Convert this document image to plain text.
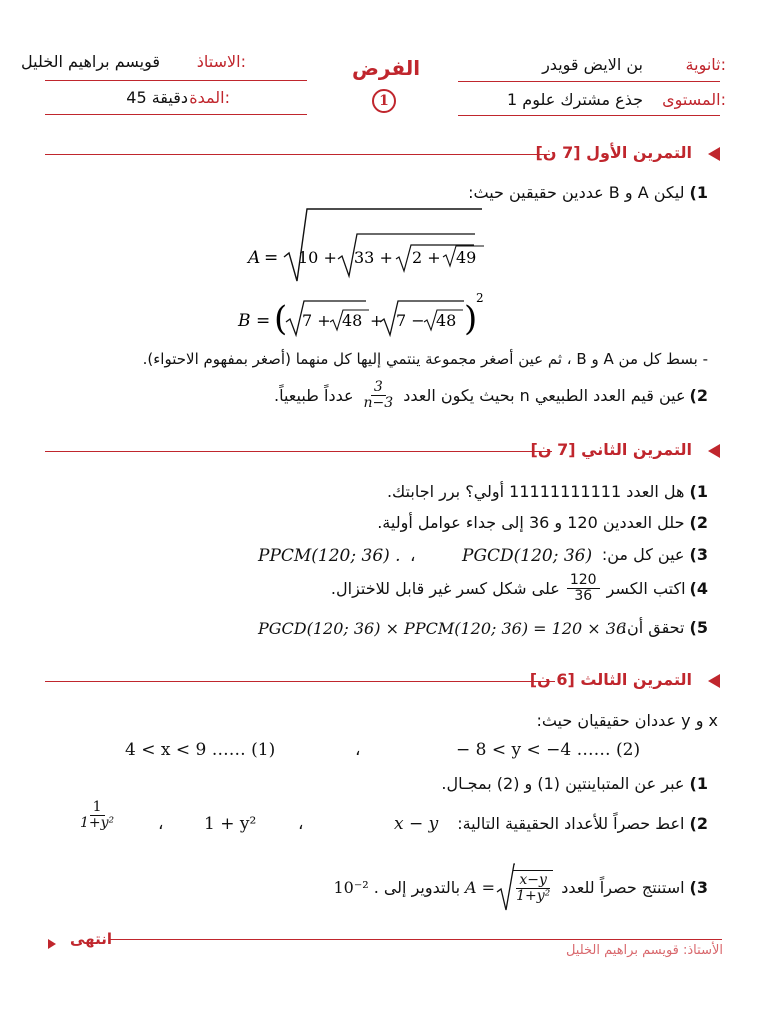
ثانوية:
بن الايض قويدر
المستوى:
1 جذع مشترك علوم
الفرض
1
الاستاذ:
قويسم براهيم الخليل
المدة:
45 دقيقة
التمرين الأول [7 ن]
1) ليكن A و B عددين حقيقين حيث:
A = 10 + 33 + 2 + 49
B = ( 7 + 48 + 7 − 48 )
2
- بسط كل من A و B ، ثم عين أصغر مجموعة ينتمي إليها كل منهما (أصغر بمفهوم الاحتواء).
2)
عين قيم العدد الطبيعي n بحيث يكون العدد
$\frac{3}{3-n}$
عدداً طبيعياً.
التمرين الثاني [7 ن]
1) هل العدد 11111111111 أولي؟ برر اجابتك.
2) حلل العددين 120 و 36 إلى جداء عوامل أولية.
3) عين كل من:
PGCD(120; 36)
،
PPCM(120; 36) .
4)
اكتب الكسر
$\frac{120}{36}$
على شكل كسر غير قابل للاختزال.
5) تحقق أن:
PGCD(120; 36) × PPCM(120; 36) = 120 × 36
التمرين الثالث [6 ن]
x و y عددان حقيقيان حيث:
4 < x < 9 …… (1)	،	− 8 < y < −4 …… (2)
1) عبر عن المتباينتين (1) و (2) بمجـال.
2) اعط حصراً للأعداد الحقيقية التالية:
x − y
،
1 + y²
،
$\frac{1}{\text{1+y²}}$
3)
استنتج حصراً للعدد
$A = \frac{x-y}{\text{1+y²}}$
بالتدوير إلى
10⁻² .
انتهى
الأستاذ: قويسم براهيم الخليل
